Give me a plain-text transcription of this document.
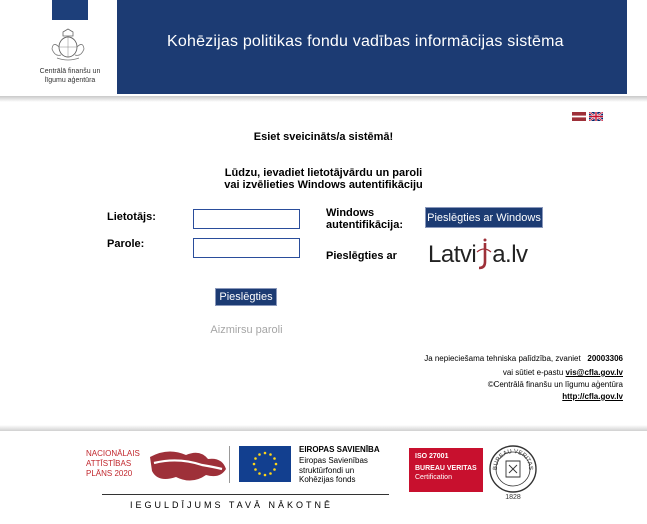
Centrālā finanšu un līgumu aģentūra
Kohēzijas politikas fondu vadības informācijas sistēma
Esiet sveicināts/a sistēmā!
Lūdzu, ievadiet lietotājvārdu un paroli
vai izvēlieties Windows autentifikāciju
Lietotājs:
Parole:
Pieslēgties
Aizmirsu paroli
Windows
autentifikācija:
Pieslēgties ar Windows
Pieslēgties ar Latvi a.lv
Ja nepieciešama tehniska palīdzība, zvaniet 20003306
vai sūtiet e-pastu vis@cfla.gov.lv
©Centrālā finanšu un līgumu aģentūra
http://cfla.gov.lv
NACIONĀLAIS
ATTĪSTĪBAS
PLĀNS 2020
EIROPAS SAVIENĪBA
Eiropas Savienības
struktūrfondi un
Kohēzijas fonds
IEGULDĪJUMS TAVĀ NĀKOTNĒ
ISO 27001
BUREAU VERITAS
Certification
BUREAU VERITAS
1828
